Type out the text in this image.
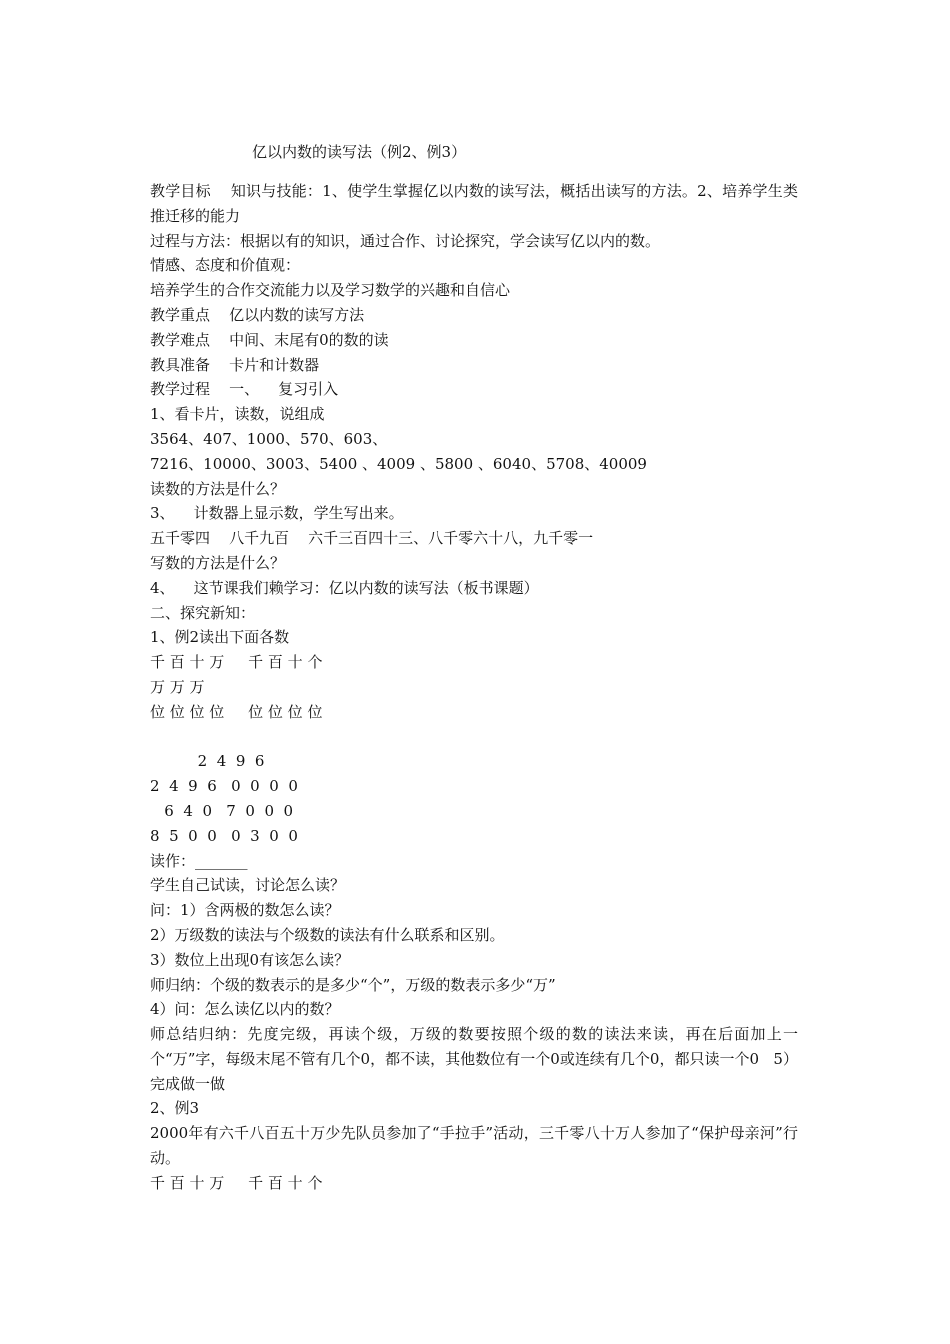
亿以内数的读写法（例2、例3）
教学目标    知识与技能：1、使学生掌握亿以内数的读写法，概括出读写的方法。2、培养学生类推迁移的能力
过程与方法：根据以有的知识，通过合作、讨论探究，学会读写亿以内的数。
情感、态度和价值观：
培养学生的合作交流能力以及学习数学的兴趣和自信心
教学重点    亿以内数的读写方法
教学难点    中间、末尾有0的数的读
教具准备    卡片和计数器
教学过程    一、    复习引入
1、看卡片，读数，说组成
3564、407、1000、570、603、
7216、10000、3003、5400 、4009 、5800 、6040、5708、40009
读数的方法是什么？
3、    计数器上显示数，学生写出来。
五千零四    八千九百    六千三百四十三、八千零六十八，九千零一
写数的方法是什么？
4、    这节课我们赖学习：亿以内数的读写法（板书课题）
二、探究新知：
1、例2读出下面各数
千 百 十 万     千 百 十 个
万 万 万
位 位 位 位     位 位 位 位
2  4  9  6
2  4  9  6   0  0  0  0
6  4  0   7  0  0  0
8  5  0  0   0  3  0  0
读作：_______
学生自己试读，讨论怎么读？
问：1）含两极的数怎么读？
2）万级数的读法与个级数的读法有什么联系和区别。
3）数位上出现0有该怎么读？
师归纳：个级的数表示的是多少“个”，万级的数表示多少“万”
4）问：怎么读亿以内的数？
师总结归纳：先度完级，再读个级，万级的数要按照个级的数的读法来读，再在后面加上一个“万”字，每级末尾不管有几个0，都不读，其他数位有一个0或连续有几个0，都只读一个0   5）完成做一做
2、例3
2000年有六千八百五十万少先队员参加了“手拉手”活动，三千零八十万人参加了“保护母亲河”行动。
千 百 十 万     千 百 十 个
